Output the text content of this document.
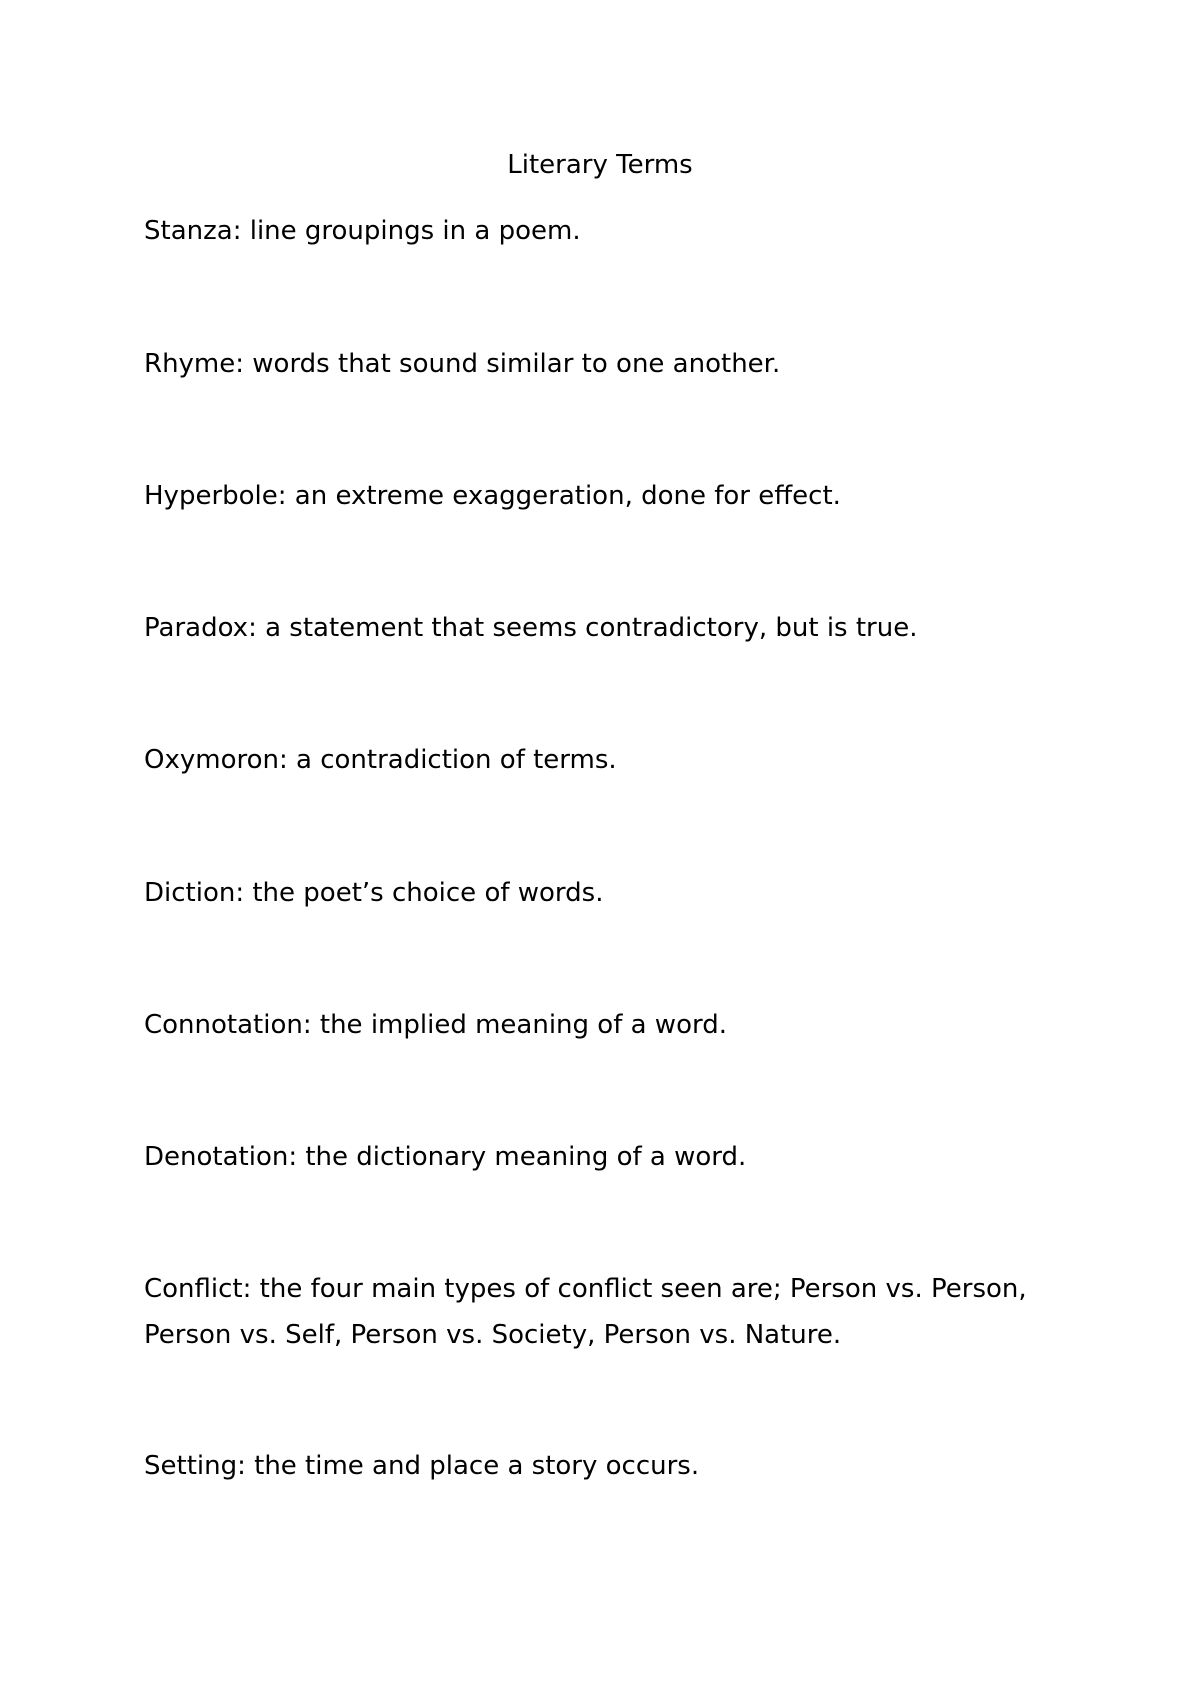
Literary Terms
Stanza: line groupings in a poem.
Rhyme: words that sound similar to one another.
Hyperbole: an extreme exaggeration, done for effect.
Paradox: a statement that seems contradictory, but is true.
Oxymoron: a contradiction of terms.
Diction: the poet’s choice of words.
Connotation: the implied meaning of a word.
Denotation: the dictionary meaning of a word.
Conflict: the four main types of conflict seen are; Person vs. Person,
Person vs. Self, Person vs. Society, Person vs. Nature.
Setting: the time and place a story occurs.
